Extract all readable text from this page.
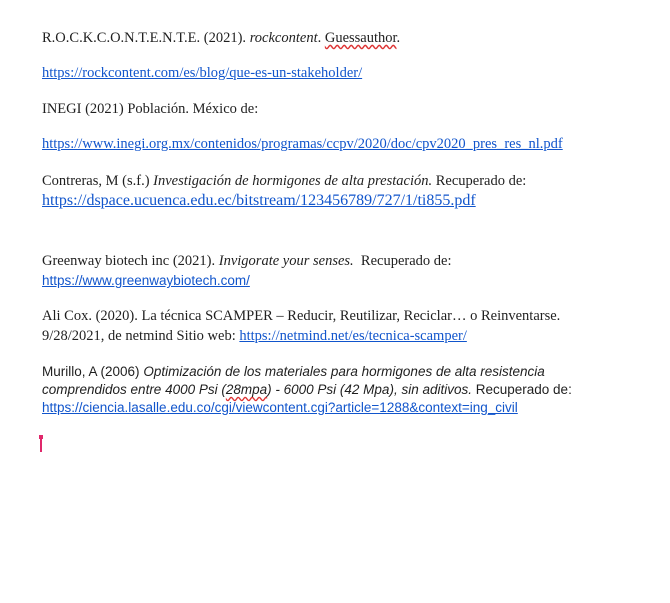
R.O.C.K.C.O.N.T.E.N.T.E. (2021). rockcontent. Guessauthor.
https://rockcontent.com/es/blog/que-es-un-stakeholder/
INEGI (2021) Población. México de:
https://www.inegi.org.mx/contenidos/programas/ccpv/2020/doc/cpv2020_pres_res_nl.pdf
Contreras, M (s.f.) Investigación de hormigones de alta prestación. Recuperado de:
https://dspace.ucuenca.edu.ec/bitstream/123456789/727/1/ti855.pdf
Greenway biotech inc (2021). Invigorate your senses. Recuperado de:
https://www.greenwaybiotech.com/
Ali Cox. (2020). La técnica SCAMPER – Reducir, Reutilizar, Reciclar… o Reinventarse.
9/28/2021, de netmind Sitio web: https://netmind.net/es/tecnica-scamper/
Murillo, A (2006) Optimización de los materiales para hormigones de alta resistencia
comprendidos entre 4000 Psi (28mpa) - 6000 Psi (42 Mpa), sin aditivos. Recuperado de:
https://ciencia.lasalle.edu.co/cgi/viewcontent.cgi?article=1288&context=ing_civil
